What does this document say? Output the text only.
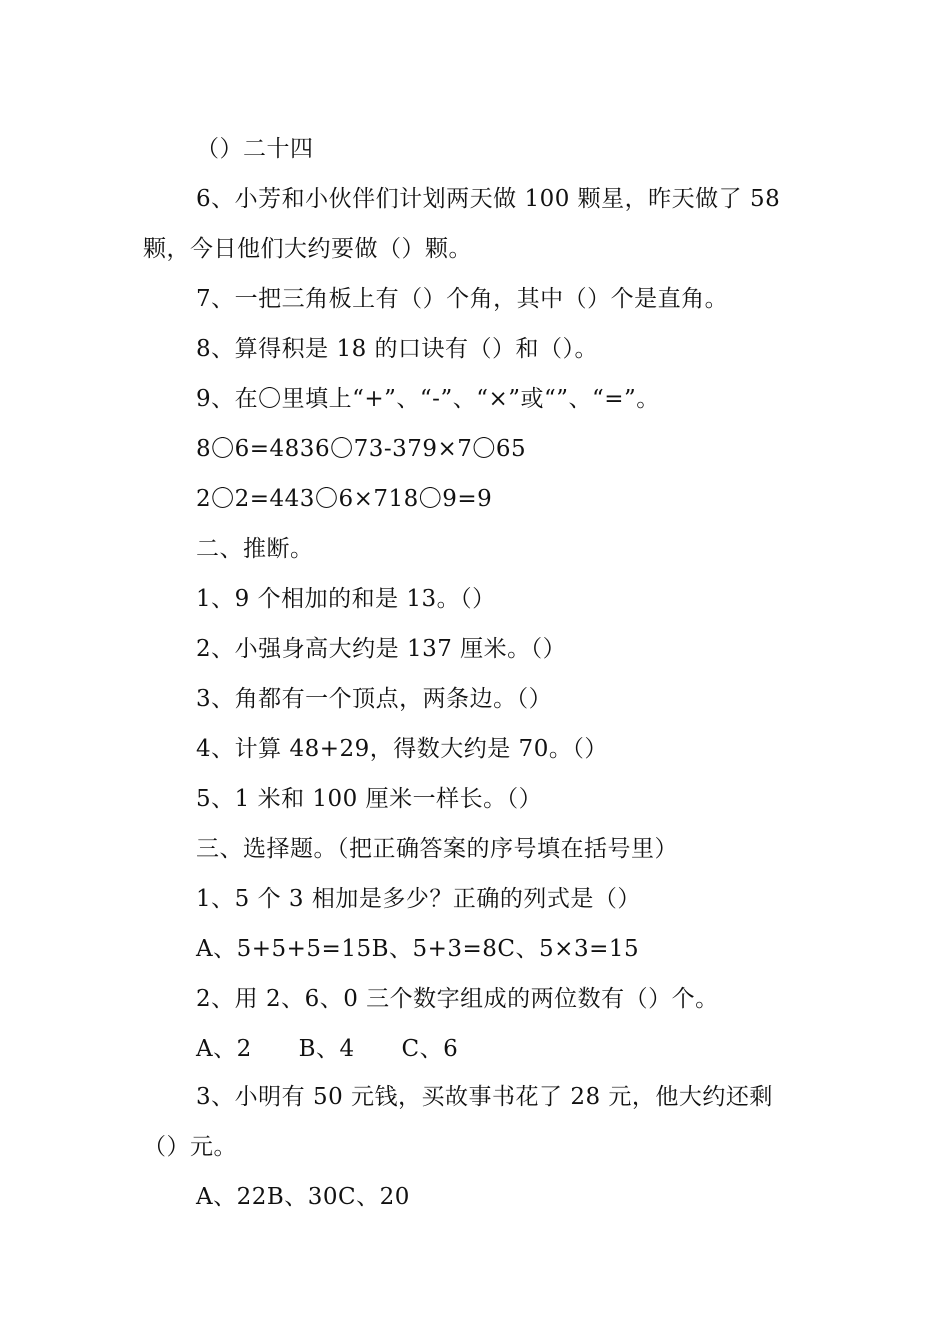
（）二十四
6、小芳和小伙伴们计划两天做 100 颗星，昨天做了 58
颗，今日他们大约要做（）颗。
7、一把三角板上有（）个角，其中（）个是直角。
8、算得积是 18 的口诀有（）和（）。
9、在〇里填上“+”、“-”、“×”或“”、“=”。
8〇6=4836〇73-379×7〇65
2〇2=443〇6×718〇9=9
二、推断。
1、9 个相加的和是 13。（）
2、小强身高大约是 137 厘米。（）
3、角都有一个顶点，两条边。（）
4、计算 48+29，得数大约是 70。（）
5、1 米和 100 厘米一样长。（）
三、选择题。（把正确答案的序号填在括号里）
1、5 个 3 相加是多少？正确的列式是（）
A、5+5+5=15B、5+3=8C、5×3=15
2、用 2、6、0 三个数字组成的两位数有（）个。
A、2      B、4      C、6
3、小明有 50 元钱，买故事书花了 28 元，他大约还剩
（）元。
A、22B、30C、20
